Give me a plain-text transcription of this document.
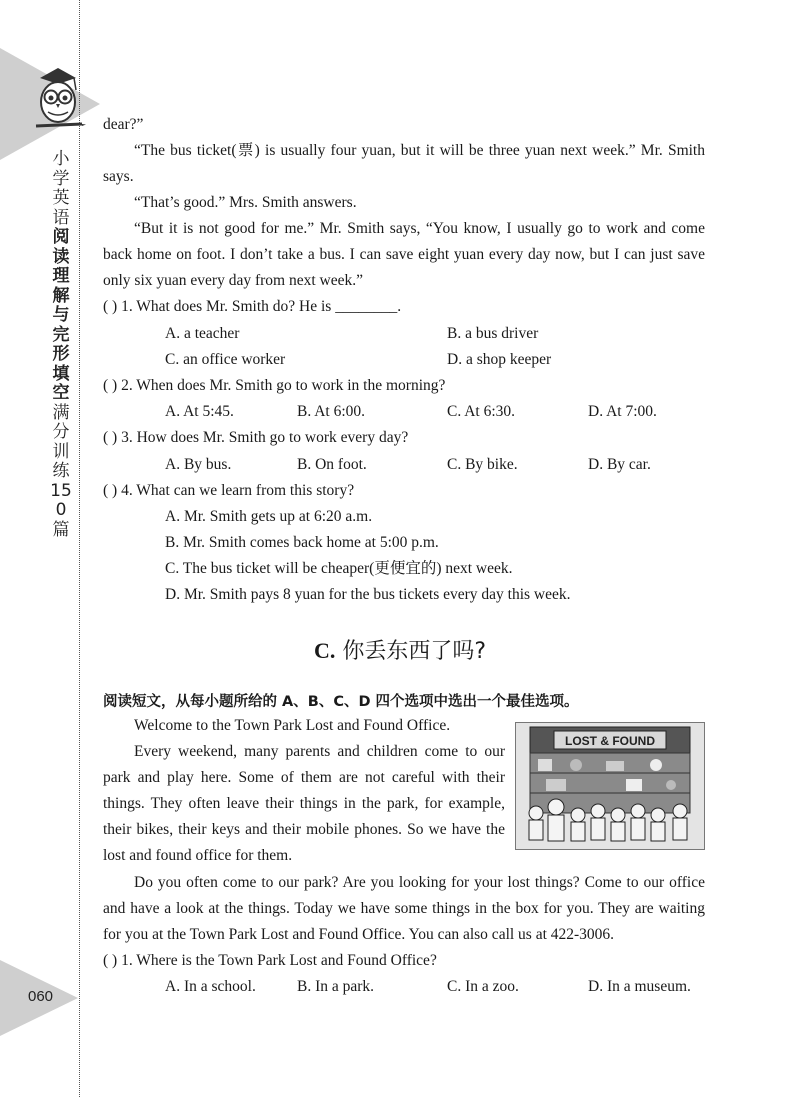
小学英语阅读理解与完形填空满分训练150篇
060
dear?”
“The bus ticket(票) is usually four yuan, but it will be three yuan next week.” Mr. Smith
says.
“That’s good.” Mrs. Smith answers.
“But it is not good for me.” Mr. Smith says, “You know, I usually go to work and come
back home on foot. I don’t take a bus. I can save eight yuan every day now, but I can just save
only six yuan every day from next week.”
( ) 1. What does Mr. Smith do? He is ________.
A. a teacher	B. a bus driver
C. an office worker	D. a shop keeper
( ) 2. When does Mr. Smith go to work in the morning?
A. At 5:45.	B. At 6:00.	C. At 6:30.	D. At 7:00.
( ) 3. How does Mr. Smith go to work every day?
A. By bus.	B. On foot.	C. By bike.	D. By car.
( ) 4. What can we learn from this story?
A. Mr. Smith gets up at 6:20 a.m.
B. Mr. Smith comes back home at 5:00 p.m.
C. The bus ticket will be cheaper(更便宜的) next week.
D. Mr. Smith pays 8 yuan for the bus tickets every day this week.
C. 你丢东西了吗?
阅读短文，从每小题所给的 A、B、C、D 四个选项中选出一个最佳选项。
LOST & FOUND
Welcome to the Town Park Lost and Found Office.
Every weekend, many parents and children come to our
park and play here. Some of them are not careful with their
things. They often leave their things in the park, for example,
their bikes, their keys and their mobile phones. So we have the
lost and found office for them.
Do you often come to our park? Are you looking for your lost things? Come to our office
and have a look at the things. Today we have some things in the box for you. They are waiting
for you at the Town Park Lost and Found Office. You can also call us at 422-3006.
( ) 1. Where is the Town Park Lost and Found Office?
A. In a school.	B. In a park.	C. In a zoo.	D. In a museum.
